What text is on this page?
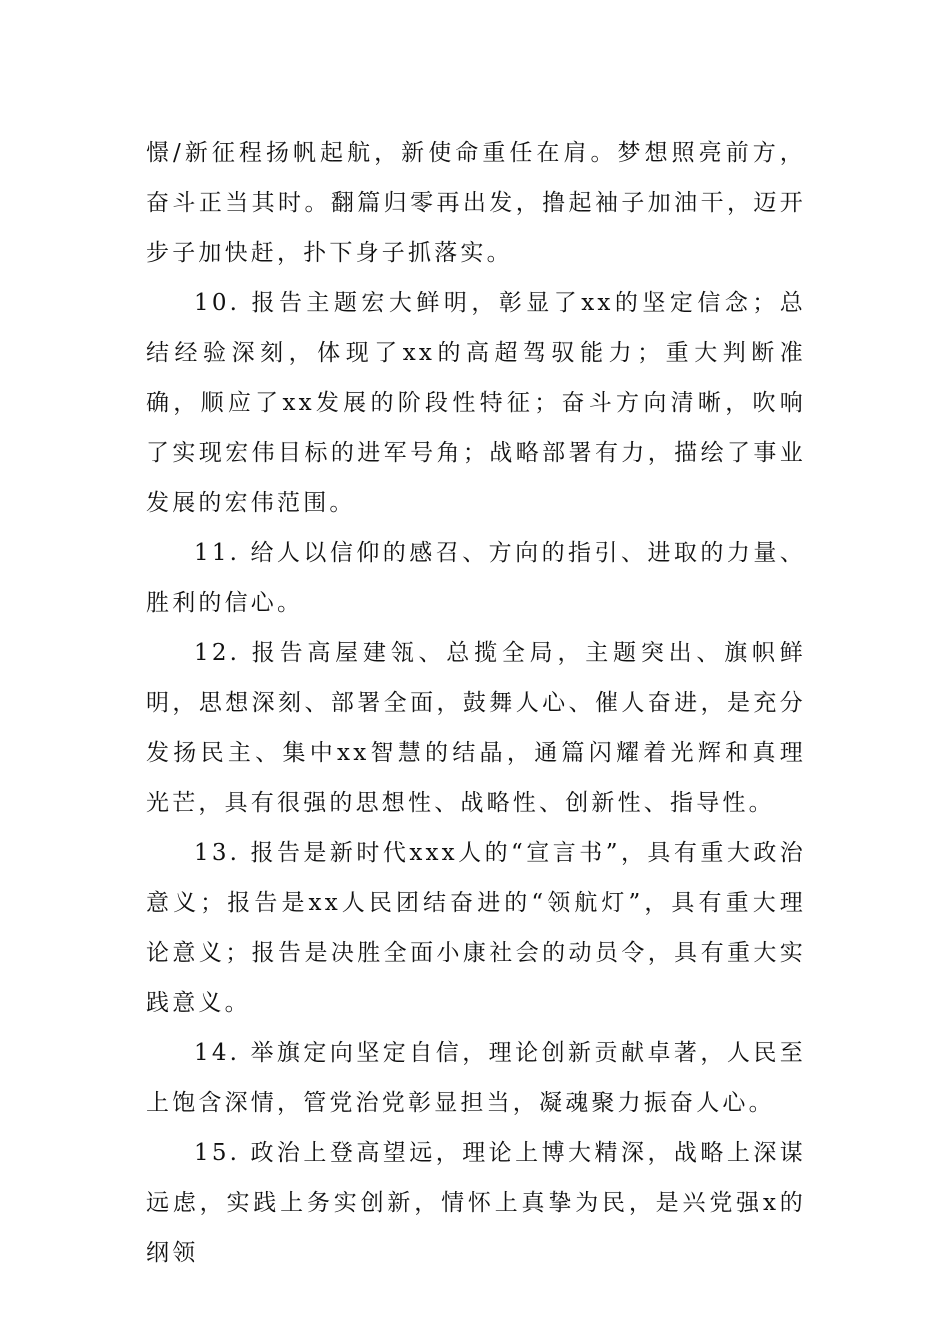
憬/新征程扬帆起航，新使命重任在肩。梦想照亮前方，奋斗正当其时。翻篇归零再出发，撸起袖子加油干，迈开步子加快赶，扑下身子抓落实。

10. 报告主题宏大鲜明，彰显了xx的坚定信念；总结经验深刻，体现了xx的高超驾驭能力；重大判断准确，顺应了xx发展的阶段性特征；奋斗方向清晰，吹响了实现宏伟目标的进军号角；战略部署有力，描绘了事业发展的宏伟范围。

11. 给人以信仰的感召、方向的指引、进取的力量、胜利的信心。

12. 报告高屋建瓴、总揽全局，主题突出、旗帜鲜明，思想深刻、部署全面，鼓舞人心、催人奋进，是充分发扬民主、集中xx智慧的结晶，通篇闪耀着光辉和真理光芒，具有很强的思想性、战略性、创新性、指导性。

13. 报告是新时代xxx人的“宣言书”，具有重大政治意义；报告是xx人民团结奋进的“领航灯”，具有重大理论意义；报告是决胜全面小康社会的动员令，具有重大实践意义。

14. 举旗定向坚定自信，理论创新贡献卓著，人民至上饱含深情，管党治党彰显担当，凝魂聚力振奋人心。

15. 政治上登高望远，理论上博大精深，战略上深谋远虑，实践上务实创新，情怀上真挚为民，是兴党强x的纲领
